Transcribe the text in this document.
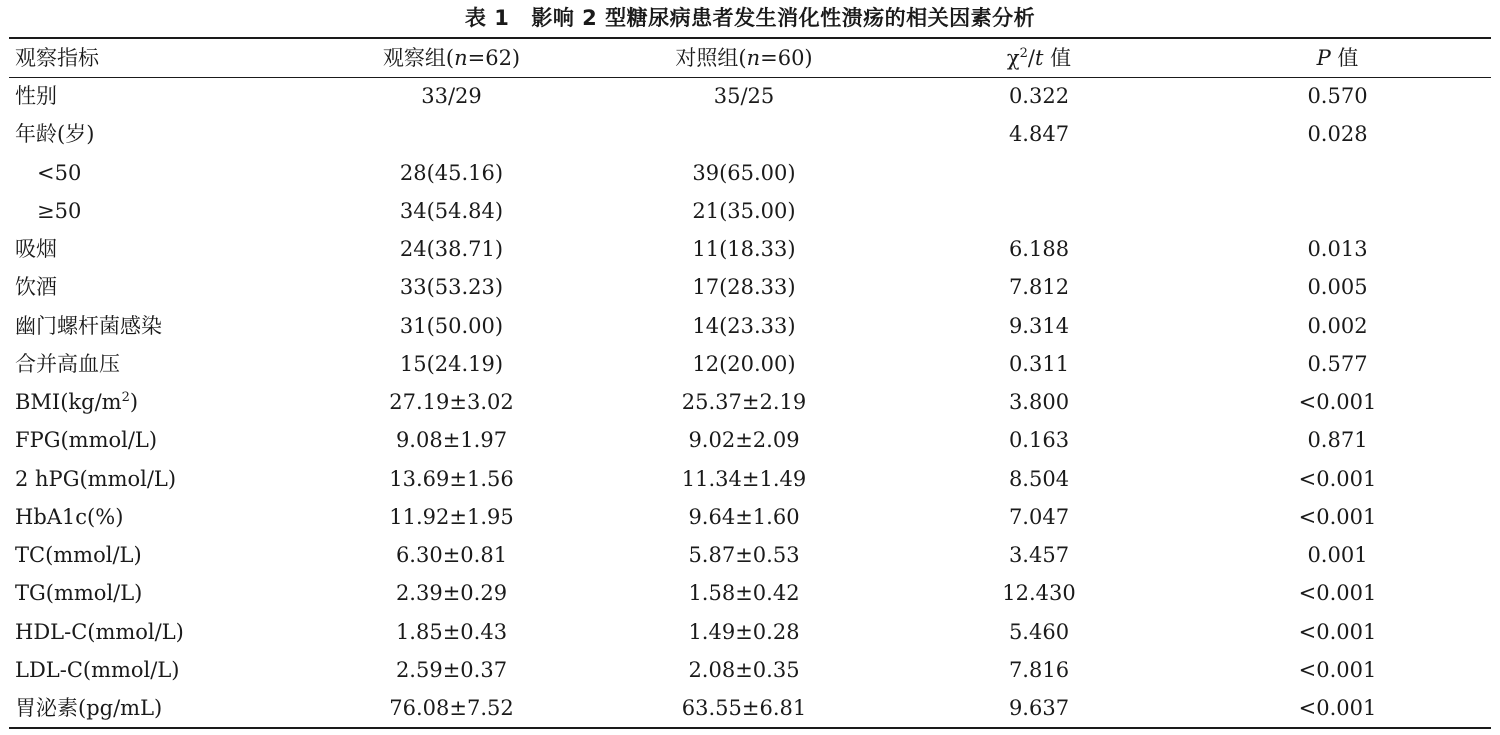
表 1 影响 2 型糖尿病患者发生消化性溃疡的相关因素分析
观察指标	观察组(n=62)	对照组(n=60)	$\chi^2/t$ 值	P 值
性别	33/29	35/25	0.322	0.570
年龄(岁)			4.847	0.028
<50	28(45.16)	39(65.00)		
≥50	34(54.84)	21(35.00)		
吸烟	24(38.71)	11(18.33)	6.188	0.013
饮酒	33(53.23)	17(28.33)	7.812	0.005
幽门螺杆菌感染	31(50.00)	14(23.33)	9.314	0.002
合并高血压	15(24.19)	12(20.00)	0.311	0.577
$BMI(kg/m^2)$	27.19±3.02	25.37±2.19	3.800	<0.001
FPG(mmol/L)	9.08±1.97	9.02±2.09	0.163	0.871
2 hPG(mmol/L)	13.69±1.56	11.34±1.49	8.504	<0.001
HbA1c(%)	11.92±1.95	9.64±1.60	7.047	<0.001
TC(mmol/L)	6.30±0.81	5.87±0.53	3.457	0.001
TG(mmol/L)	2.39±0.29	1.58±0.42	12.430	<0.001
HDL-C(mmol/L)	1.85±0.43	1.49±0.28	5.460	<0.001
LDL-C(mmol/L)	2.59±0.37	2.08±0.35	7.816	<0.001
胃泌素(pg/mL)	76.08±7.52	63.55±6.81	9.637	<0.001
